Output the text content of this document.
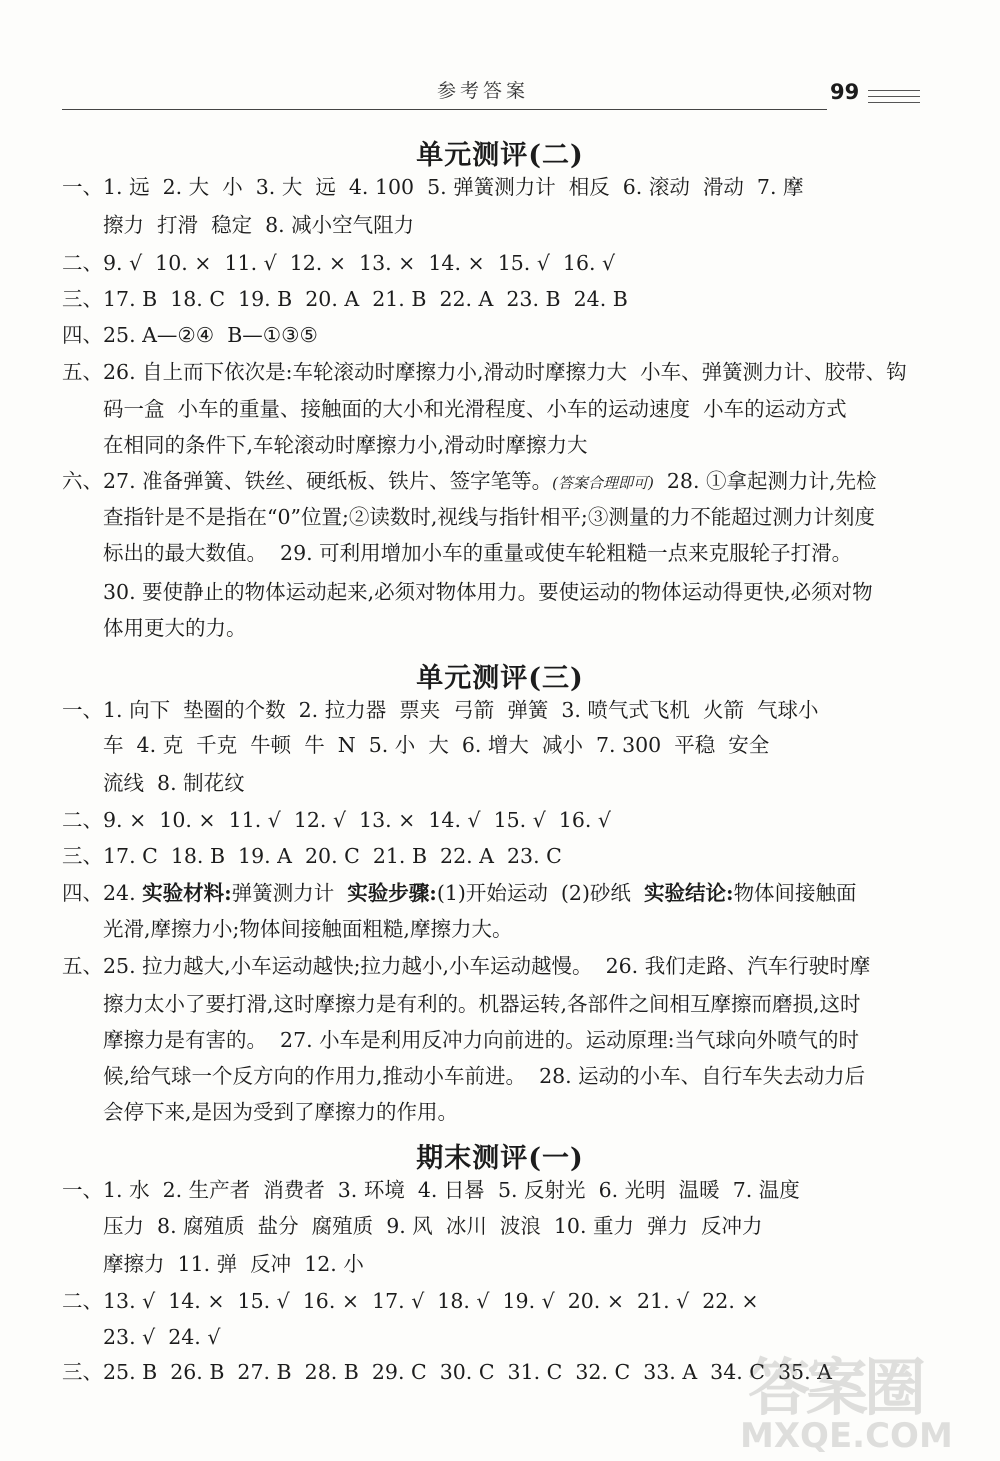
参考答案	99
单元测评(二)
一、1. 远  2. 大  小  3. 大  远  4. 100  5. 弹簧测力计  相反  6. 滚动  滑动  7. 摩
擦力  打滑  稳定  8. 减小空气阻力
二、9. √  10. ×  11. √  12. ×  13. ×  14. ×  15. √  16. √
三、17. B  18. C  19. B  20. A  21. B  22. A  23. B  24. B
四、25. A—②④  B—①③⑤
五、26. 自上而下依次是:车轮滚动时摩擦力小,滑动时摩擦力大  小车、弹簧测力计、胶带、钩
码一盒  小车的重量、接触面的大小和光滑程度、小车的运动速度  小车的运动方式
在相同的条件下,车轮滚动时摩擦力小,滑动时摩擦力大
六、27. 准备弹簧、铁丝、硬纸板、铁片、签字笔等。(答案合理即可)  28. ①拿起测力计,先检
查指针是不是指在“0”位置;②读数时,视线与指针相平;③测量的力不能超过测力计刻度
标出的最大数值。  29. 可利用增加小车的重量或使车轮粗糙一点来克服轮子打滑。
30. 要使静止的物体运动起来,必须对物体用力。要使运动的物体运动得更快,必须对物
体用更大的力。
单元测评(三)
一、1. 向下  垫圈的个数  2. 拉力器  票夹  弓箭  弹簧  3. 喷气式飞机  火箭  气球小
车  4. 克  千克  牛顿  牛  N  5. 小  大  6. 增大  减小  7. 300  平稳  安全
流线  8. 制花纹
二、9. ×  10. ×  11. √  12. √  13. ×  14. √  15. √  16. √
三、17. C  18. B  19. A  20. C  21. B  22. A  23. C
四、24. 实验材料:弹簧测力计  实验步骤:(1)开始运动  (2)砂纸  实验结论:物体间接触面
光滑,摩擦力小;物体间接触面粗糙,摩擦力大。
五、25. 拉力越大,小车运动越快;拉力越小,小车运动越慢。  26. 我们走路、汽车行驶时摩
擦力太小了要打滑,这时摩擦力是有利的。机器运转,各部件之间相互摩擦而磨损,这时
摩擦力是有害的。  27. 小车是利用反冲力向前进的。运动原理:当气球向外喷气的时
候,给气球一个反方向的作用力,推动小车前进。  28. 运动的小车、自行车失去动力后
会停下来,是因为受到了摩擦力的作用。
期末测评(一)
一、1. 水  2. 生产者  消费者  3. 环境  4. 日晷  5. 反射光  6. 光明  温暖  7. 温度
压力  8. 腐殖质  盐分  腐殖质  9. 风  冰川  波浪  10. 重力  弹力  反冲力
摩擦力  11. 弹  反冲  12. 小
二、13. √  14. ×  15. √  16. ×  17. √  18. √  19. √  20. ×  21. √  22. ×
23. √  24. √
三、25. B  26. B  27. B  28. B  29. C  30. C  31. C  32. C  33. A  34. C  35. A
答案圈
MXQE.COM
